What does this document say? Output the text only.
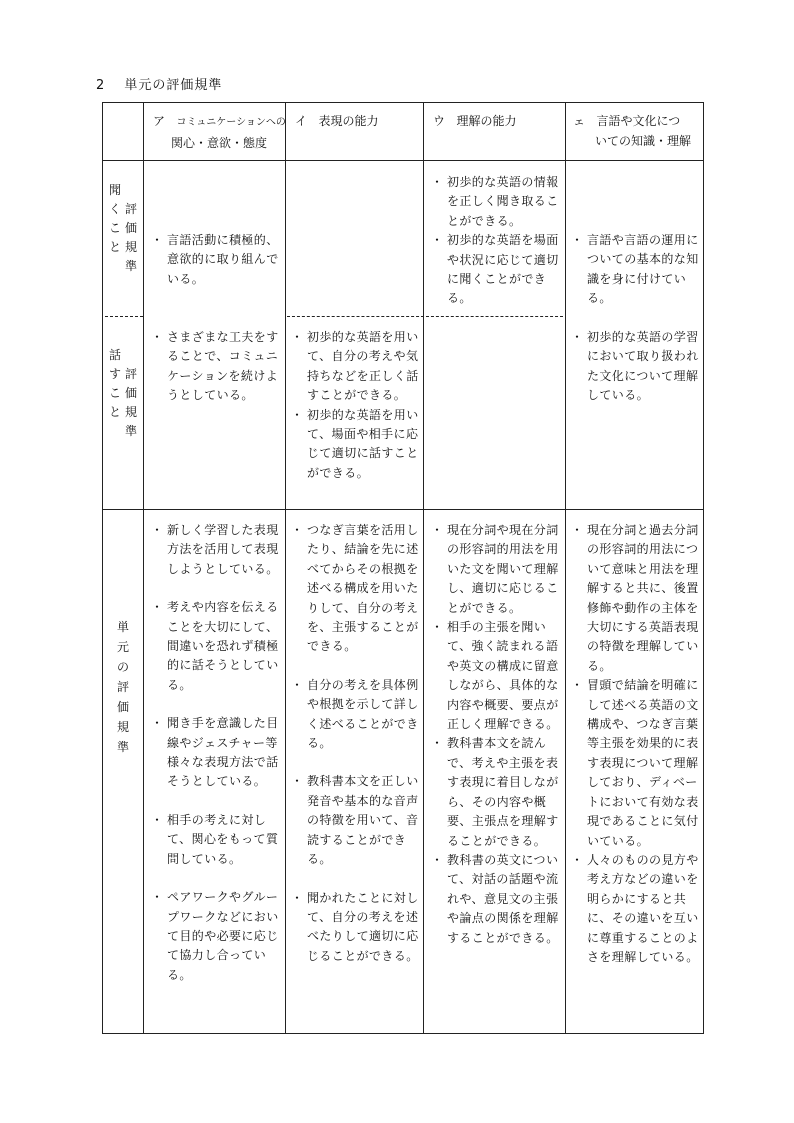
2 単元の評価規準
ア コミュニケーションへの
関心・意欲・態度
イ 表現の能力	ウ 理解の能力	ェ 言語や文化につ
いての知識・理解
聞くこと
評価規準
話すこと
評価規準
単元の評価規準
・ 言語活動に積極的、意欲的に取り組んでいる。
・ 初歩的な英語の情報を正しく聞き取ることができる。
・ 初歩的な英語を場面や状況に応じて適切に聞くことができる。
・ 言語や言語の運用についての基本的な知識を身に付けている。
・ さまざまな工夫をすることで、コミュニケーションを続けようとしている。
・ 初歩的な英語を用いて、自分の考えや気持ちなどを正しく話すことができる。
・ 初歩的な英語を用いて、場面や相手に応じて適切に話すことができる。
・ 初歩的な英語の学習において取り扱われた文化について理解している。
・ 新しく学習した表現方法を活用して表現しようとしている。
・ 考えや内容を伝えることを大切にして、間違いを恐れず積極的に話そうとしている。
・ 聞き手を意識した目線やジェスチャー等様々な表現方法で話そうとしている。
・ 相手の考えに対して、関心をもって質問している。
・ ペアワークやグループワークなどにおいて目的や必要に応じて協力し合っている。
・ つなぎ言葉を活用したり、結論を先に述べてからその根拠を述べる構成を用いたりして、自分の考えを、主張することができる。
・ 自分の考えを具体例や根拠を示して詳しく述べることができる。
・ 教科書本文を正しい発音や基本的な音声の特徴を用いて、音読することができる。
・ 聞かれたことに対して、自分の考えを述べたりして適切に応じることができる。
・ 現在分詞や現在分詞の形容詞的用法を用いた文を聞いて理解し、適切に応じることができる。
・ 相手の主張を聞いて、強く読まれる語や英文の構成に留意しながら、具体的な内容や概要、要点が正しく理解できる。
・ 教科書本文を読んで、考えや主張を表す表現に着目しながら、その内容や概要、主張点を理解することができる。
・ 教科書の英文について、対話の話題や流れや、意見文の主張や論点の関係を理解することができる。
・ 現在分詞と過去分詞の形容詞的用法について意味と用法を理解すると共に、後置修飾や動作の主体を大切にする英語表現の特徴を理解している。
・ 冒頭で結論を明確にして述べる英語の文構成や、つなぎ言葉等主張を効果的に表す表現について理解しており、ディベートにおいて有効な表現であることに気付いている。
・ 人々のものの見方や考え方などの違いを明らかにすると共に、その違いを互いに尊重することのよさを理解している。
